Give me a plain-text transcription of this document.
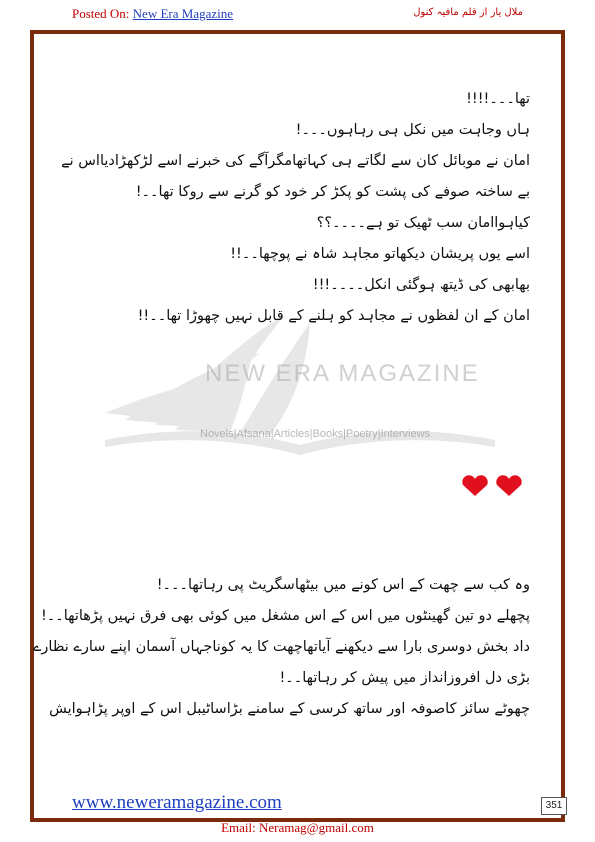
Posted On: New Era Magazine	ملال یار از قلم مافیہ کنول
NEW ERA MAGAZINE
Novels|Afsana|Articles|Books|Poetry|Interviews

تھا۔۔۔!!!!

ہاں وجاہت میں نکل ہی رہاہوں۔۔۔!

امان نے موبائل کان سے لگاتے ہی کہاتھامگرآگے کی خبرنے اسے لڑکھڑادیااس نے

بے ساختہ صوفے کی پشت کو پکڑ کر خود کو گرنے سے روکا تھا۔۔!

کیاہواامان سب ٹھیک تو ہے۔۔۔۔؟؟

اسے یوں پریشان دیکھاتو مجاہد شاہ نے پوچھا۔۔!!

بھابھی کی ڈیتھ ہوگئی انکل۔۔۔۔!!!

امان کے ان لفظوں نے مجاہد کو ہلنے کے قابل نہیں چھوڑا تھا۔۔!!

وہ کب سے چھت کے اس کونے میں بیٹھاسگریٹ پی رہاتھا۔۔۔!

پچھلے دو تین گھینٹوں میں اس کے اس مشغل میں کوئی بھی فرق نہیں پڑھاتھا۔۔!

داد بخش دوسری بارا سے دیکھنے آیاتھاچھت کا یہ کوناجہاں آسمان اپنے سارے نظارے

بڑی دل افروزانداز میں پیش کر رہاتھا۔۔!

چھوٹے سائز کاصوفہ اور ساتھ کرسی کے سامنے بڑاساٹیبل اس کے اوپر پڑاہوایش

www.neweramagazine.com	351
Email: Neramag@gmail.com
